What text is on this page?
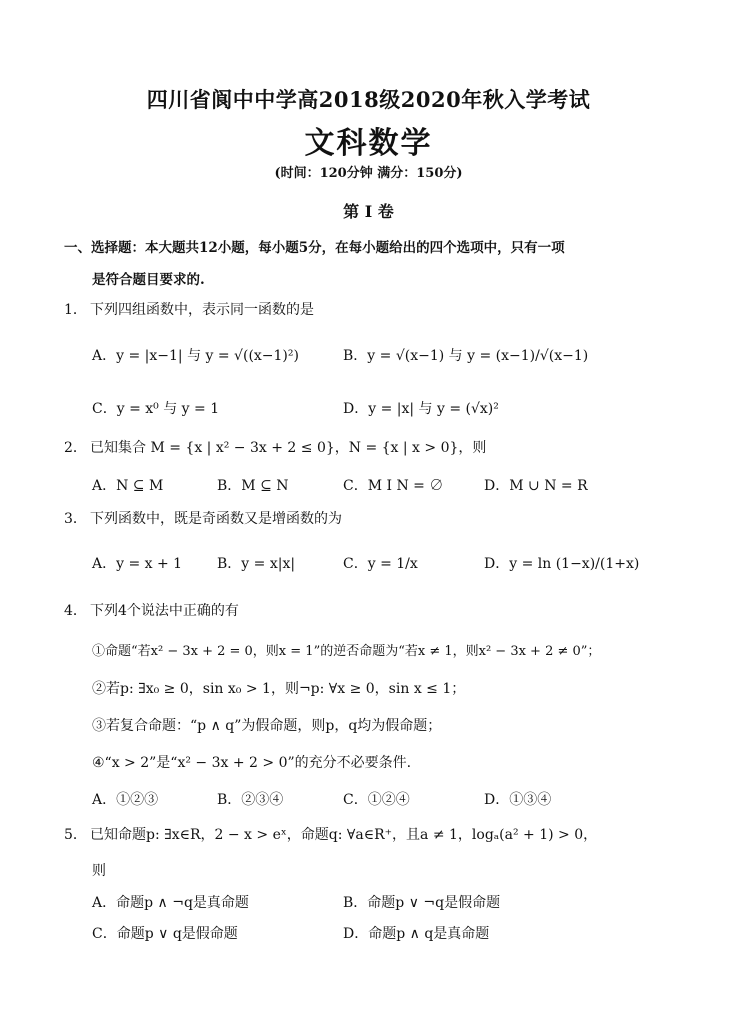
四川省阆中中学高2018级2020年秋入学考试
文科数学
(时间：120分钟 满分：150分)
第 Ⅰ 卷
一、选择题：本大题共12小题，每小题5分，在每小题给出的四个选项中，只有一项
是符合题目要求的.
1． 下列四组函数中，表示同一函数的是
A．y = |x−1| 与 y = √((x−1)²)	B．y = √(x−1) 与 y = (x−1)/√(x−1)
C．y = x⁰ 与 y = 1	D．y = |x| 与 y = (√x)²
2． 已知集合 M = {x | x² − 3x + 2 ≤ 0}，N = {x | x > 0}，则
A．N ⊆ M	B．M ⊆ N	C．M Ⅰ N = ∅	D．M ∪ N = R
3． 下列函数中，既是奇函数又是增函数的为
A．y = x + 1 B．y = x|x|	C．y = 1/x	D．y = ln (1−x)/(1+x)
4． 下列4个说法中正确的有
①命题“若x² − 3x + 2 = 0，则x = 1”的逆否命题为“若x ≠ 1，则x² − 3x + 2 ≠ 0”；
②若p: ∃x₀ ≥ 0，sin x₀ > 1，则¬p: ∀x ≥ 0，sin x ≤ 1；
③若复合命题：“p ∧ q”为假命题，则p，q均为假命题；
④“x > 2”是“x² − 3x + 2 > 0”的充分不必要条件.
A．①②③	B．②③④	C．①②④	D．①③④
5． 已知命题p: ∃x∈R，2 − x > eˣ，命题q: ∀a∈R⁺，且a ≠ 1，logₐ(a² + 1) > 0，
则
A．命题p ∧ ¬q是真命题	B．命题p ∨ ¬q是假命题
C．命题p ∨ q是假命题	D．命题p ∧ q是真命题
